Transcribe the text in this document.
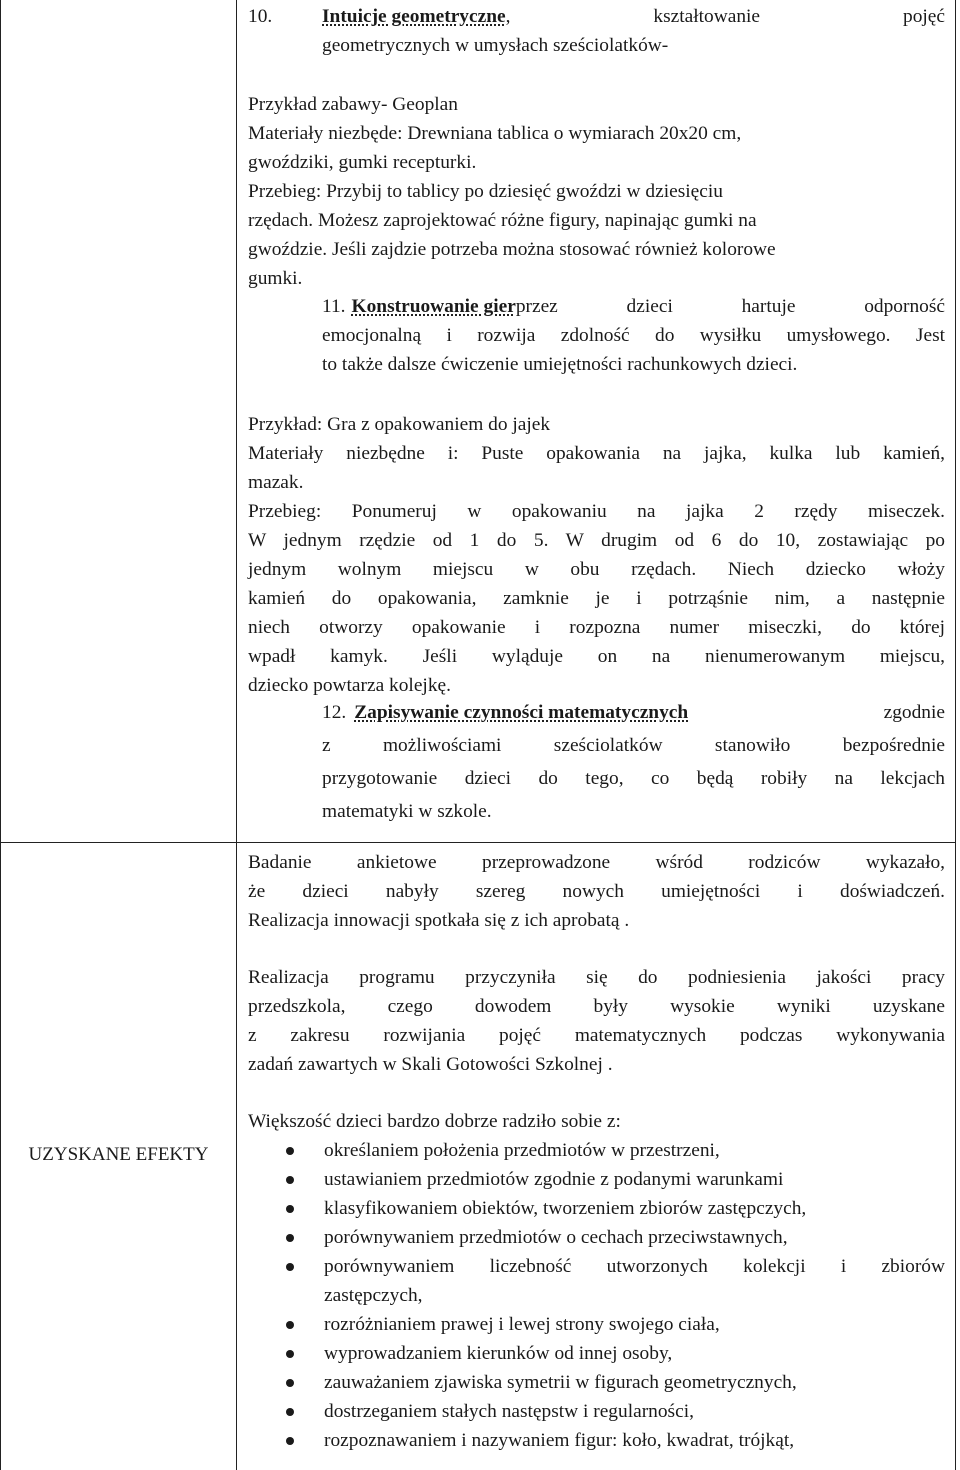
10.	Intuicje geometryczne , kształtowanie pojęć
geometrycznych w umysłach sześciolatków-
Przykład zabawy- Geoplan
Materiały niezbęde: Drewniana tablica o wymiarach 20x20 cm,
gwoździki, gumki recepturki.
Przebieg: Przybij to tablicy po dziesięć gwoździ w dziesięciu
rzędach. Możesz zaprojektować różne figury, napinając gumki na
gwoździe. Jeśli zajdzie potrzeba można stosować również kolorowe
gumki.
11. Konstruowanie gier przez dzieci hartuje odporność
emocjonalną i rozwija zdolność do wysiłku umysłowego. Jest
to także dalsze ćwiczenie umiejętności rachunkowych dzieci.
Przykład: Gra z opakowaniem do jajek
Materiały niezbędne i: Puste opakowania na jajka, kulka lub kamień,
mazak.
Przebieg: Ponumeruj w opakowaniu na jajka 2 rzędy miseczek.
W jednym rzędzie od 1 do 5. W drugim od 6 do 10, zostawiając po
jednym wolnym miejscu w obu rzędach. Niech dziecko włoży
kamień do opakowania, zamknie je i potrząśnie nim, a następnie
niech otworzy opakowanie i rozpozna numer miseczki, do której
wpadł kamyk. Jeśli wyląduje on na nienumerowanym miejscu,
dziecko powtarza kolejkę.
12. Zapisywanie czynności matematycznych	zgodnie
z możliwościami sześciolatków stanowiło bezpośrednie
przygotowanie dzieci do tego, co będą robiły na lekcjach
matematyki w szkole.
UZYSKANE EFEKTY
Badanie ankietowe przeprowadzone wśród rodziców wykazało,
że dzieci nabyły szereg nowych umiejętności i doświadczeń.
Realizacja innowacji spotkała się z ich aprobatą .
Realizacja programu przyczyniła się do podniesienia jakości pracy
przedszkola, czego dowodem były wysokie wyniki uzyskane
z zakresu rozwijania pojęć matematycznych podczas wykonywania
zadań zawartych w Skali Gotowości Szkolnej .
Większość dzieci bardzo dobrze radziło sobie z:
określaniem położenia przedmiotów w przestrzeni,
ustawianiem przedmiotów zgodnie z podanymi warunkami
klasyfikowaniem obiektów, tworzeniem zbiorów zastępczych,
porównywaniem przedmiotów o cechach przeciwstawnych,
porównywaniem liczebność utworzonych kolekcji i zbiorów
zastępczych,
rozróżnianiem prawej i lewej strony swojego ciała,
wyprowadzaniem kierunków od innej osoby,
zauważaniem zjawiska symetrii w figurach geometrycznych,
dostrzeganiem stałych następstw i regularności,
rozpoznawaniem i nazywaniem figur: koło, kwadrat, trójkąt,
